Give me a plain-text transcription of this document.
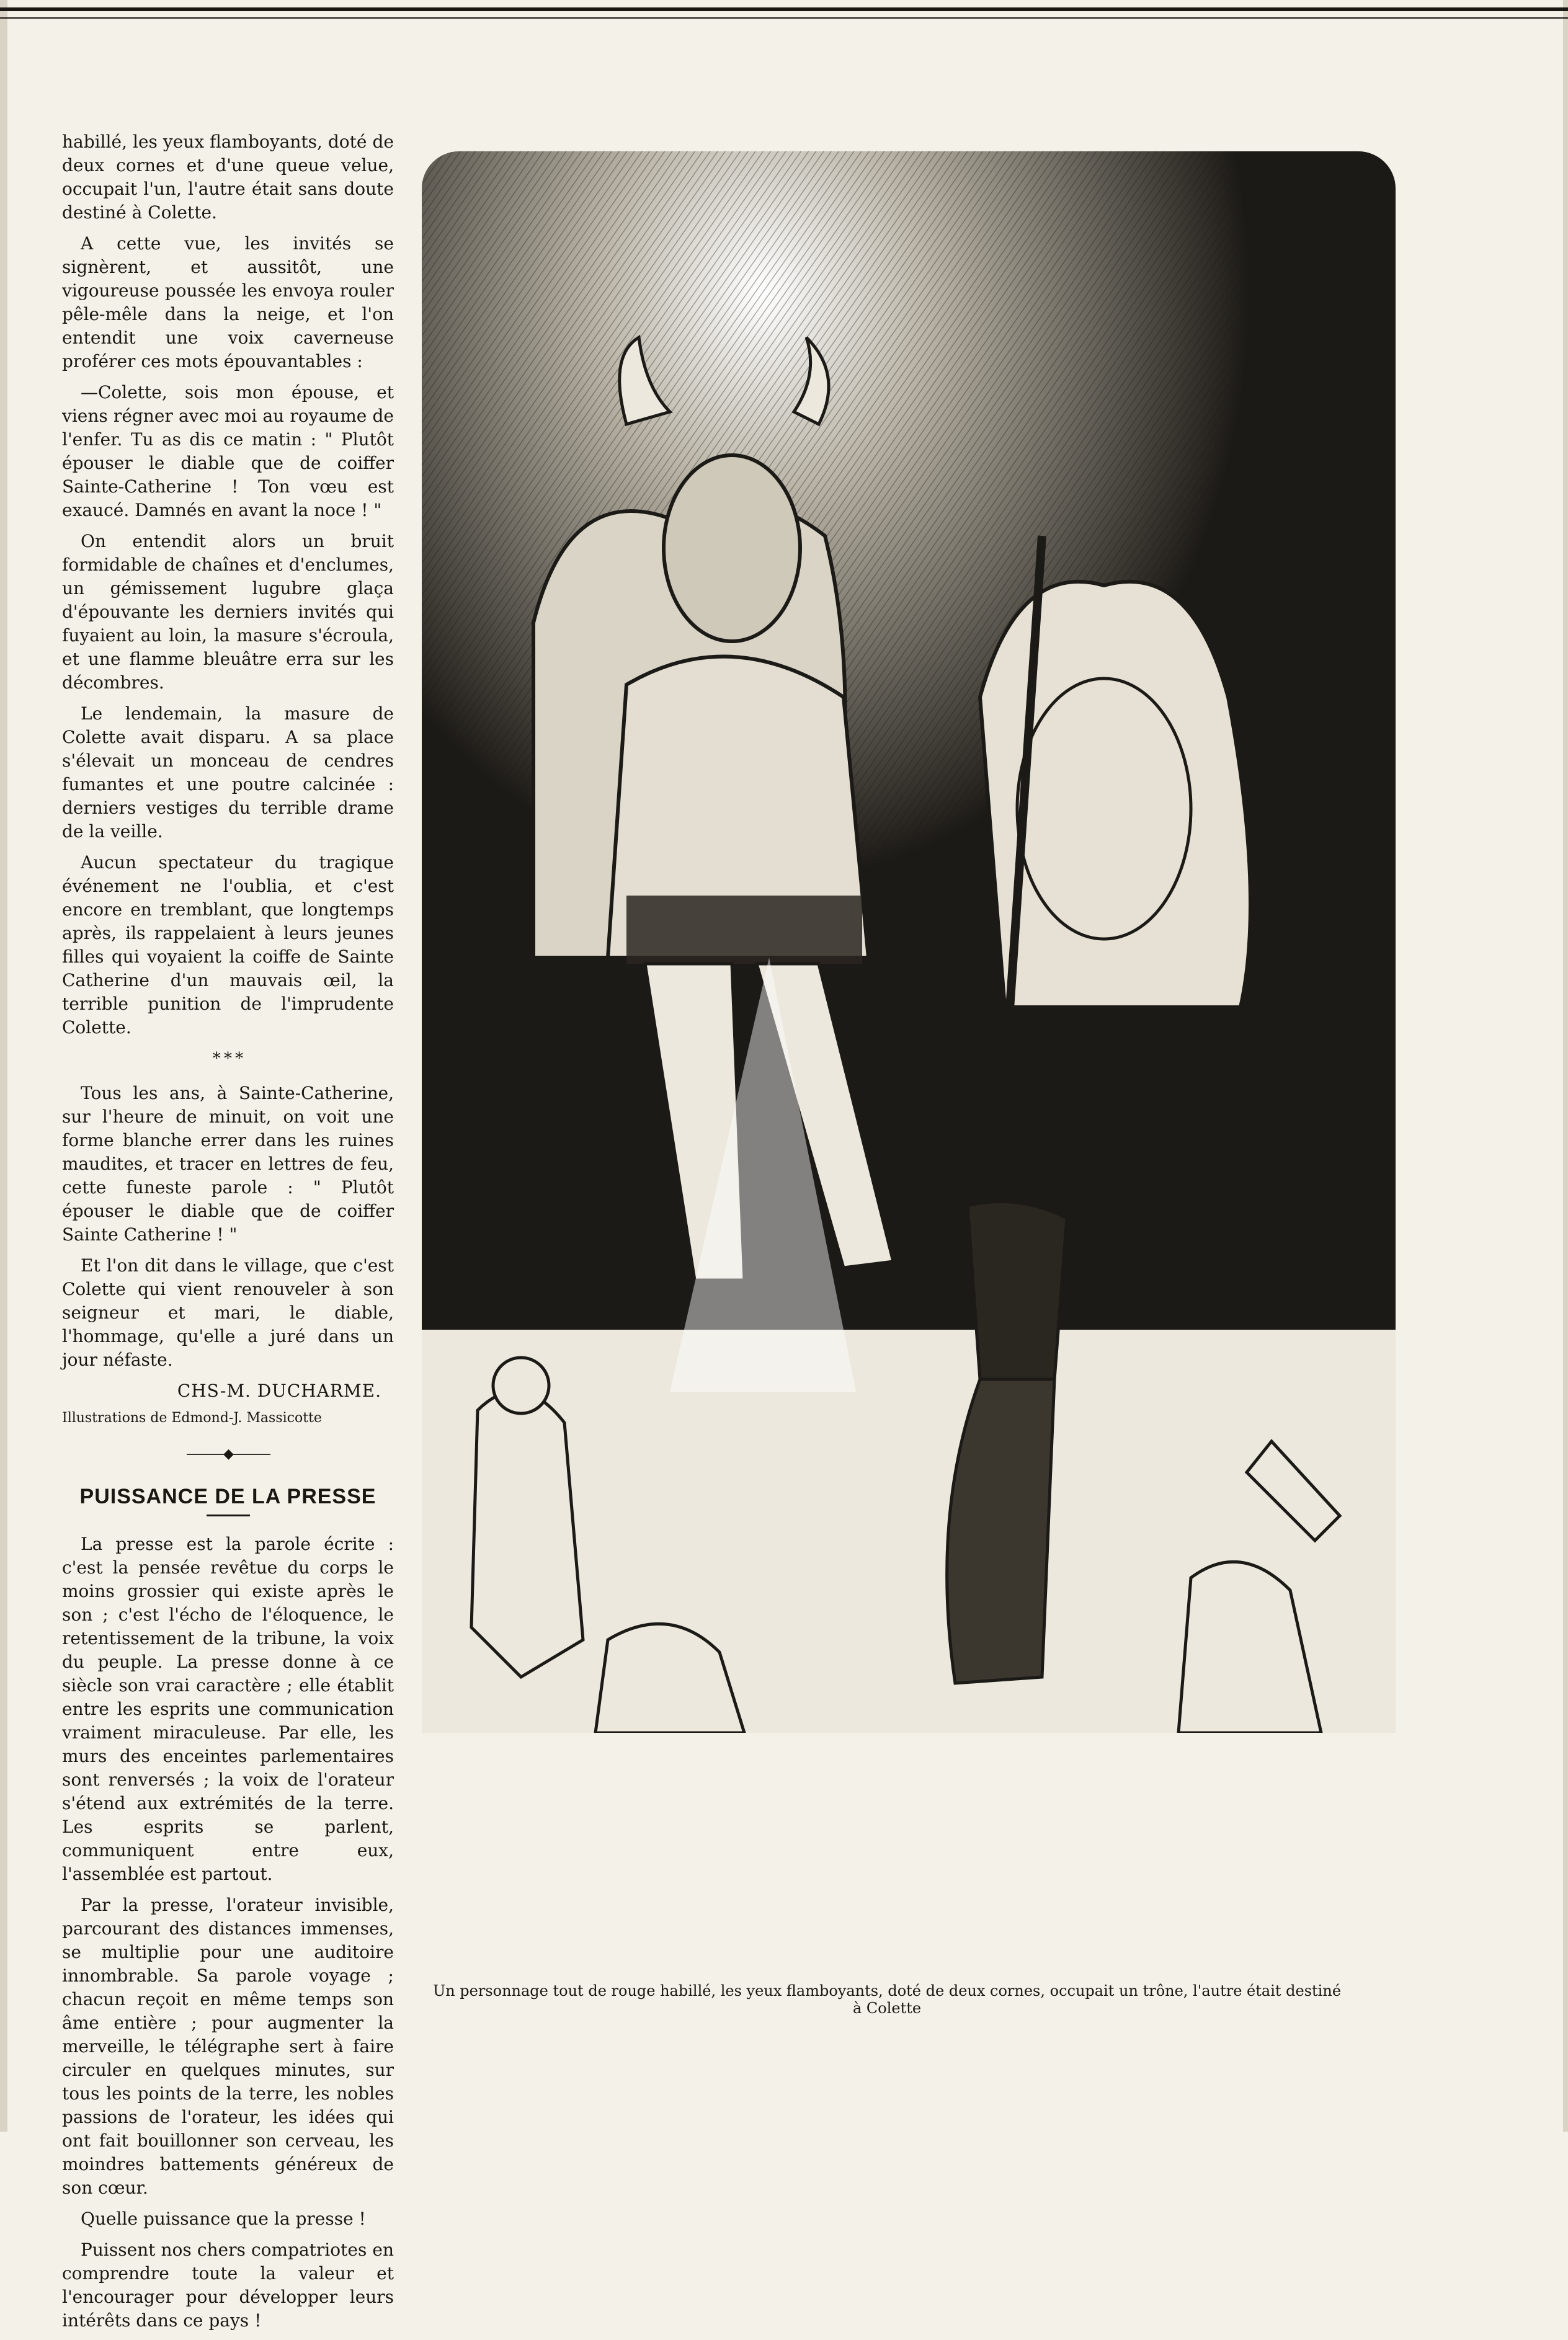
habillé, les yeux flamboyants, doté de deux cornes et d'une queue velue, occupait l'un, l'autre était sans doute destiné à Colette.

A cette vue, les invités se signèrent, et aussitôt, une vigoureuse poussée les envoya rouler pêle-mêle dans la neige, et l'on entendit une voix caverneuse proférer ces mots épouvantables :

—Colette, sois mon épouse, et viens régner avec moi au royaume de l'enfer. Tu as dis ce matin : " Plutôt épouser le diable que de coiffer Sainte-Catherine ! Ton vœu est exaucé. Damnés en avant la noce ! "

On entendit alors un bruit formidable de chaînes et d'enclumes, un gémissement lugubre glaça d'épouvante les derniers invités qui fuyaient au loin, la masure s'écroula, et une flamme bleuâtre erra sur les décombres.

Le lendemain, la masure de Colette avait disparu. A sa place s'élevait un monceau de cendres fumantes et une poutre calcinée : derniers vestiges du terrible drame de la veille.

Aucun spectateur du tragique événement ne l'oublia, et c'est encore en tremblant, que longtemps après, ils rappelaient à leurs jeunes filles qui voyaient la coiffe de Sainte Catherine d'un mauvais œil, la terrible punition de l'imprudente Colette.

* * *

Tous les ans, à Sainte-Catherine, sur l'heure de minuit, on voit une forme blanche errer dans les ruines maudites, et tracer en lettres de feu, cette funeste parole : " Plutôt épouser le diable que de coiffer Sainte Catherine ! "

Et l'on dit dans le village, que c'est Colette qui vient renouveler à son seigneur et mari, le diable, l'hommage, qu'elle a juré dans un jour néfaste.

CHS-M. DUCHARME.
Illustrations de Edmond-J. Massicotte
———◆———
PUISSANCE DE LA PRESSE

La presse est la parole écrite : c'est la pensée revêtue du corps le moins grossier qui existe après le son ; c'est l'écho de l'éloquence, le retentissement de la tribune, la voix du peuple. La presse donne à ce siècle son vrai caractère ; elle établit entre les esprits une communication vraiment miraculeuse. Par elle, les murs des enceintes parlementaires sont renversés ; la voix de l'orateur s'étend aux extrémités de la terre. Les esprits se parlent, communiquent entre eux, l'assemblée est partout.

Par la presse, l'orateur invisible, parcourant des distances immenses, se multiplie pour une auditoire innombrable. Sa parole voyage ; chacun reçoit en même temps son âme entière ; pour augmenter la merveille, le télégraphe sert à faire circuler en quelques minutes, sur tous les points de la terre, les nobles passions de l'orateur, les idées qui ont fait bouillonner son cerveau, les moindres battements généreux de son cœur.

Quelle puissance que la presse !

Puissent nos chers compatriotes en comprendre toute la valeur et l'encourager pour développer leurs intérêts dans ce pays !

Un personnage tout de rouge habillé, les yeux flamboyants, doté de deux cornes, occupait un trône, l'autre était destiné à Colette
